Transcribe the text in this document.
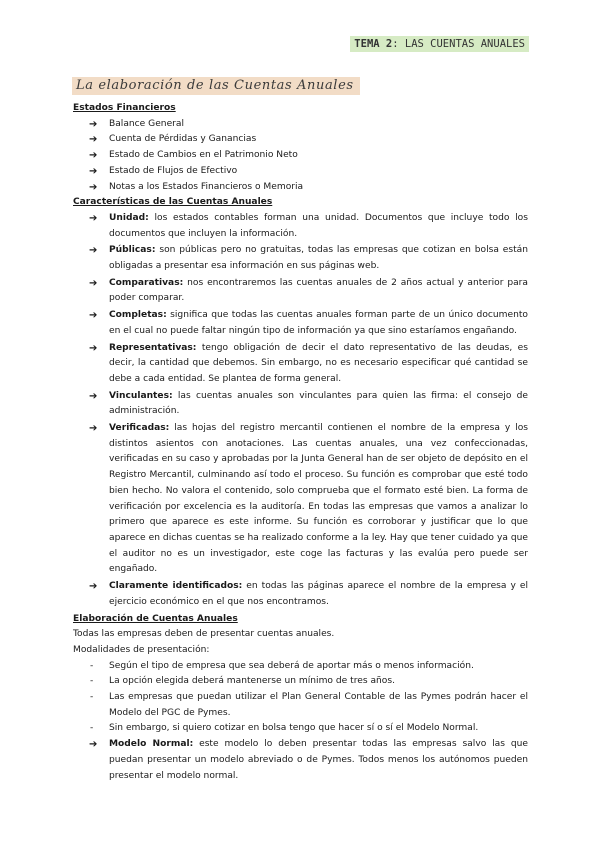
TEMA 2: LAS CUENTAS ANUALES
La elaboración de las Cuentas Anuales
Estados Financieros
➔ Balance General
➔ Cuenta de Pérdidas y Ganancias
➔ Estado de Cambios en el Patrimonio Neto
➔ Estado de Flujos de Efectivo
➔ Notas a los Estados Financieros o Memoria
Características de las Cuentas Anuales
➔ Unidad: los estados contables forman una unidad. Documentos que incluye todo los documentos que incluyen la información.
➔ Públicas: son públicas pero no gratuitas, todas las empresas que cotizan en bolsa están obligadas a presentar esa información en sus páginas web.
➔ Comparativas: nos encontraremos las cuentas anuales de 2 años actual y anterior para poder comparar.
➔ Completas: significa que todas las cuentas anuales forman parte de un único documento en el cual no puede faltar ningún tipo de información ya que sino estaríamos engañando.
➔ Representativas: tengo obligación de decir el dato representativo de las deudas, es decir, la cantidad que debemos. Sin embargo, no es necesario especificar qué cantidad se debe a cada entidad. Se plantea de forma general.
➔ Vinculantes: las cuentas anuales son vinculantes para quien las firma: el consejo de administración.
➔ Verificadas: las hojas del registro mercantil contienen el nombre de la empresa y los distintos asientos con anotaciones. Las cuentas anuales, una vez confeccionadas, verificadas en su caso y aprobadas por la Junta General han de ser objeto de depósito en el Registro Mercantil, culminando así todo el proceso. Su función es comprobar que esté todo bien hecho. No valora el contenido, solo comprueba que el formato esté bien. La forma de verificación por excelencia es la auditoría. En todas las empresas que vamos a analizar lo primero que aparece es este informe. Su función es corroborar y justificar que lo que aparece en dichas cuentas se ha realizado conforme a la ley. Hay que tener cuidado ya que el auditor no es un investigador, este coge las facturas y las evalúa pero puede ser engañado.
➔ Claramente identificados: en todas las páginas aparece el nombre de la empresa y el ejercicio económico en el que nos encontramos.
Elaboración de Cuentas Anuales

Todas las empresas deben de presentar cuentas anuales.

Modalidades de presentación:

- Según el tipo de empresa que sea deberá de aportar más o menos información.
- La opción elegida deberá mantenerse un mínimo de tres años.
- Las empresas que puedan utilizar el Plan General Contable de las Pymes podrán hacer el Modelo del PGC de Pymes.
- Sin embargo, si quiero cotizar en bolsa tengo que hacer sí o sí el Modelo Normal.
➔ Modelo Normal: este modelo lo deben presentar todas las empresas salvo las que puedan presentar un modelo abreviado o de Pymes. Todos menos los autónomos pueden presentar el modelo normal.
